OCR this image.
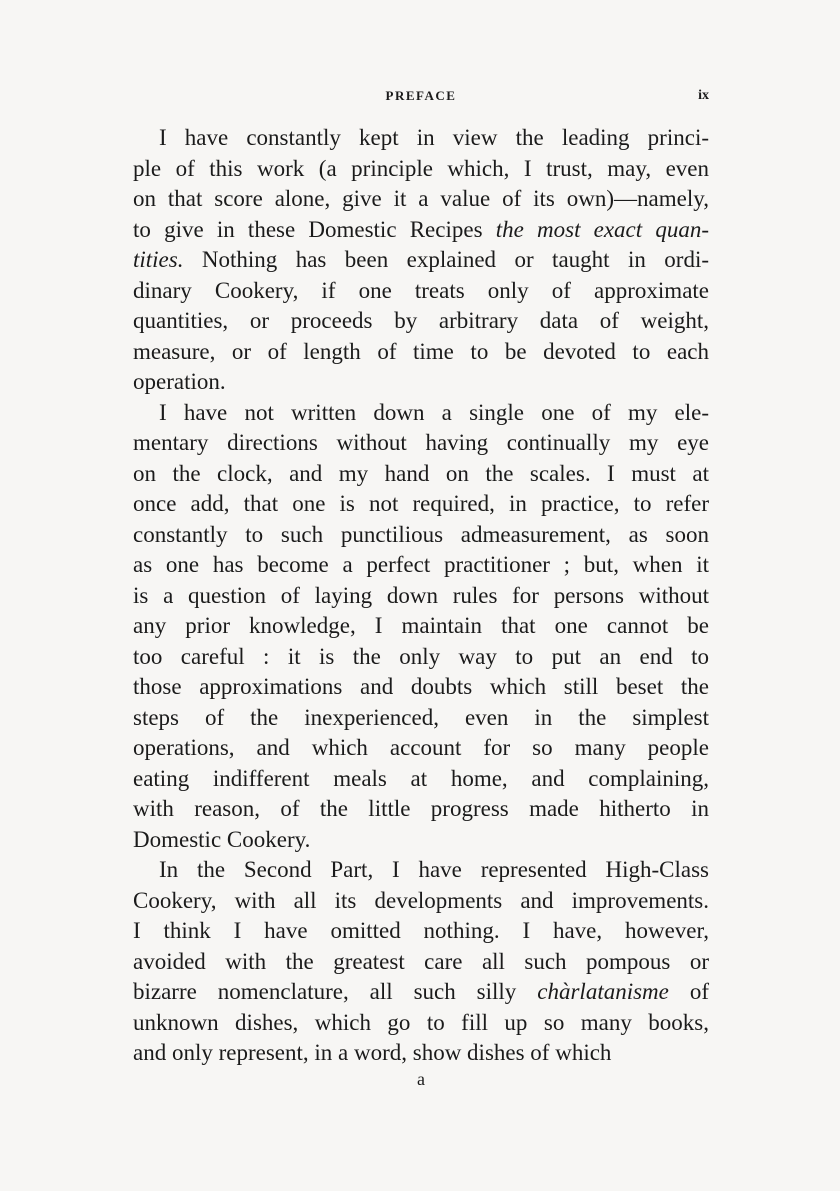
PREFACE	ix
I have constantly kept in view the leading princi-
ple of this work (a principle which, I trust, may, even
on that score alone, give it a value of its own)—namely,
to give in these Domestic Recipes the most exact quan-
tities. Nothing has been explained or taught in ordi-
dinary Cookery, if one treats only of approximate
quantities, or proceeds by arbitrary data of weight,
measure, or of length of time to be devoted to each
operation.
I have not written down a single one of my ele-
mentary directions without having continually my eye
on the clock, and my hand on the scales. I must at
once add, that one is not required, in practice, to refer
constantly to such punctilious admeasurement, as soon
as one has become a perfect practitioner ; but, when it
is a question of laying down rules for persons without
any prior knowledge, I maintain that one cannot be
too careful : it is the only way to put an end to
those approximations and doubts which still beset the
steps of the inexperienced, even in the simplest
operations, and which account for so many people
eating indifferent meals at home, and complaining,
with reason, of the little progress made hitherto in
Domestic Cookery.
In the Second Part, I have represented High-Class
Cookery, with all its developments and improvements.
I think I have omitted nothing. I have, however,
avoided with the greatest care all such pompous or
bizarre nomenclature, all such silly chàrlatanisme of
unknown dishes, which go to fill up so many books,
and only represent, in a word, show dishes of which
a
